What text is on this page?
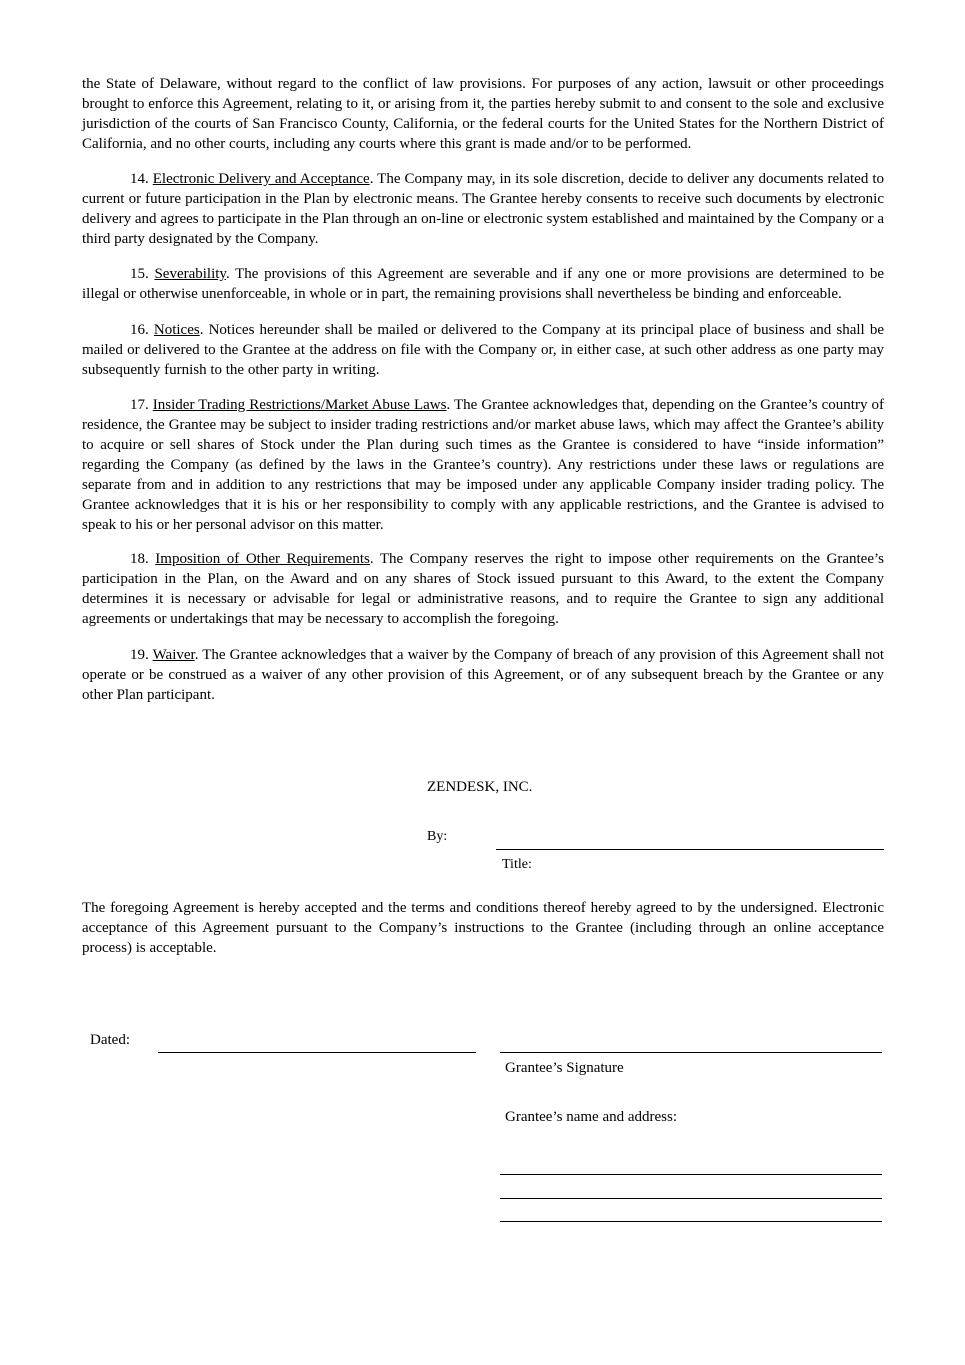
the State of Delaware, without regard to the conflict of law provisions. For purposes of any action, lawsuit or other proceedings brought to enforce this Agreement, relating to it, or arising from it, the parties hereby submit to and consent to the sole and exclusive jurisdiction of the courts of San Francisco County, California, or the federal courts for the United States for the Northern District of California, and no other courts, including any courts where this grant is made and/or to be performed.

14. Electronic Delivery and Acceptance. The Company may, in its sole discretion, decide to deliver any documents related to current or future participation in the Plan by electronic means. The Grantee hereby consents to receive such documents by electronic delivery and agrees to participate in the Plan through an on-line or electronic system established and maintained by the Company or a third party designated by the Company.

15. Severability. The provisions of this Agreement are severable and if any one or more provisions are determined to be illegal or otherwise unenforceable, in whole or in part, the remaining provisions shall nevertheless be binding and enforceable.

16. Notices. Notices hereunder shall be mailed or delivered to the Company at its principal place of business and shall be mailed or delivered to the Grantee at the address on file with the Company or, in either case, at such other address as one party may subsequently furnish to the other party in writing.

17. Insider Trading Restrictions/Market Abuse Laws. The Grantee acknowledges that, depending on the Grantee’s country of residence, the Grantee may be subject to insider trading restrictions and/or market abuse laws, which may affect the Grantee’s ability to acquire or sell shares of Stock under the Plan during such times as the Grantee is considered to have “inside information” regarding the Company (as defined by the laws in the Grantee’s country). Any restrictions under these laws or regulations are separate from and in addition to any restrictions that may be imposed under any applicable Company insider trading policy. The Grantee acknowledges that it is his or her responsibility to comply with any applicable restrictions, and the Grantee is advised to speak to his or her personal advisor on this matter.

18. Imposition of Other Requirements. The Company reserves the right to impose other requirements on the Grantee’s participation in the Plan, on the Award and on any shares of Stock issued pursuant to this Award, to the extent the Company determines it is necessary or advisable for legal or administrative reasons, and to require the Grantee to sign any additional agreements or undertakings that may be necessary to accomplish the foregoing.

19. Waiver. The Grantee acknowledges that a waiver by the Company of breach of any provision of this Agreement shall not operate or be construed as a waiver of any other provision of this Agreement, or of any subsequent breach by the Grantee or any other Plan participant.

ZENDESK, INC.

By:

Title:

The foregoing Agreement is hereby accepted and the terms and conditions thereof hereby agreed to by the undersigned. Electronic acceptance of this Agreement pursuant to the Company’s instructions to the Grantee (including through an online acceptance process) is acceptable.

Dated:

Grantee’s Signature

Grantee’s name and address:
